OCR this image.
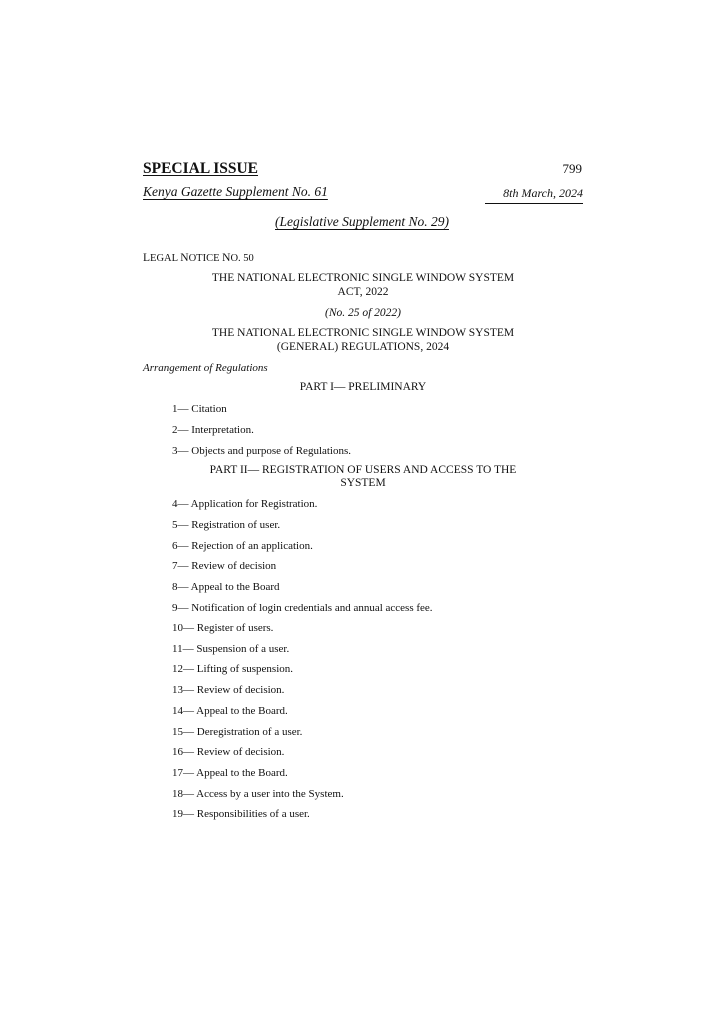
SPECIAL ISSUE	799
Kenya Gazette Supplement No. 61	8th March, 2024
(Legislative Supplement No. 29)
LEGAL NOTICE NO. 50
THE NATIONAL ELECTRONIC SINGLE WINDOW SYSTEM
ACT, 2022
(No. 25 of 2022)
THE NATIONAL ELECTRONIC SINGLE WINDOW SYSTEM
(GENERAL) REGULATIONS, 2024
Arrangement of Regulations
PART I— PRELIMINARY
1— Citation
2— Interpretation.
3— Objects and purpose of Regulations.
PART II— REGISTRATION OF USERS AND ACCESS TO THE
SYSTEM
4— Application for Registration.
5— Registration of user.
6— Rejection of an application.
7— Review of decision
8— Appeal to the Board
9— Notification of login credentials and annual access fee.
10— Register of users.
11— Suspension of a user.
12— Lifting of suspension.
13— Review of decision.
14— Appeal to the Board.
15— Deregistration of a user.
16— Review of decision.
17— Appeal to the Board.
18— Access by a user into the System.
19— Responsibilities of a user.
